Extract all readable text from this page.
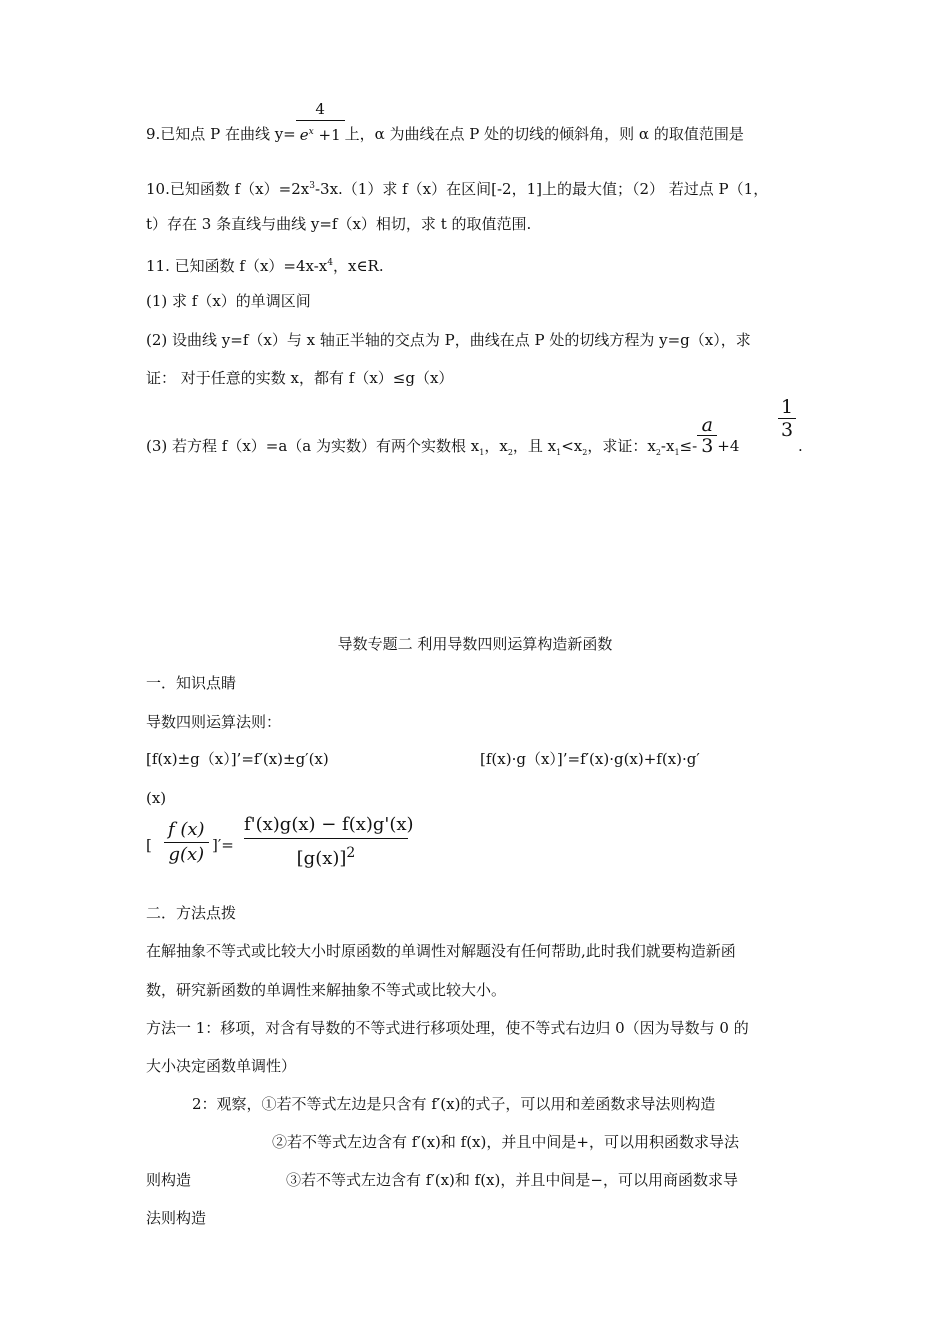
9.已知点 P 在曲线 $y= \frac{4}{e^x +1}$ 上，α 为曲线在点 P 处的切线的倾斜角，则 α 的取值范围是
10.已知函数 $f(x)=2x^3-3x.(1)$求 f（x）在区间[-2，1]上的最大值；（2） 若过点 P（1，
t）存在 3 条直线与曲线 y=f（x）相切，求 t 的取值范围.
11. 已知函数 $f(x)=4x-x^4$，x∈R.
(1) 求 f（x）的单调区间
(2) 设曲线 y=f（x）与 x 轴正半轴的交点为 P，曲线在点 P 处的切线方程为 y=g（x），求
证： 对于任意的实数 x，都有 f（x）≤g（x）
(3) 若方程 f（x）=a（a 为实数）有两个实数根 $x_1$，$x_2$，且 $x_1<x_2$，求证：$x_2-x_1\le- \frac{a}{3} +4$
1
3
.
导数专题二 利用导数四则运算构造新函数
一．知识点睛
导数四则运算法则：
[f(x)±g（x）]’=f′(x)±g′(x)	[f(x)·g（x）]’=f′(x)·g(x)+f(x)·g′
(x)
[
f (x)
g(x) ]′=
f'(x)g(x) − f(x)g'(x)
$[g(x)]^2$
二．方法点拨
在解抽象不等式或比较大小时原函数的单调性对解题没有任何帮助,此时我们就要构造新函
数，研究新函数的单调性来解抽象不等式或比较大小。
方法一 1：移项，对含有导数的不等式进行移项处理，使不等式右边归 0（因为导数与 0 的
大小决定函数单调性）
2：观察，①若不等式左边是只含有 f′(x)的式子，可以用和差函数求导法则构造
②若不等式左边含有 f′(x)和 f(x)，并且中间是+，可以用积函数求导法
则构造	③若不等式左边含有 f′(x)和 f(x)，并且中间是−，可以用商函数求导
法则构造
